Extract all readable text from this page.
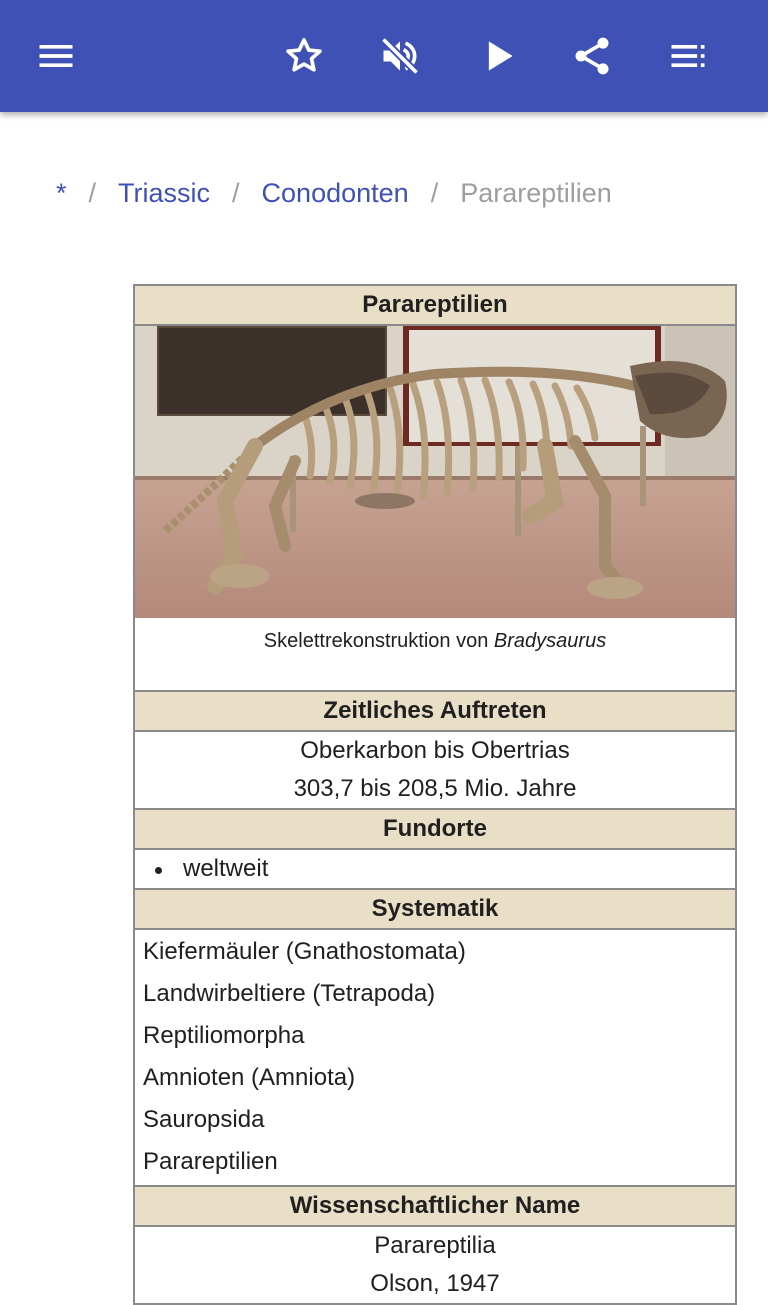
* / Triassic / Conodonten / Parareptilien
Parareptilien
Skelettrekonstruktion von Bradysaurus
Zeitliches Auftreten
Oberkarbon bis Obertrias
303,7 bis 208,5 Mio. Jahre
Fundorte
weltweit
Systematik
Kiefermäuler (Gnathostomata)
Landwirbeltiere (Tetrapoda)
Reptiliomorpha
Amnioten (Amniota)
Sauropsida
Parareptilien
Wissenschaftlicher Name
Parareptilia
Olson, 1947
